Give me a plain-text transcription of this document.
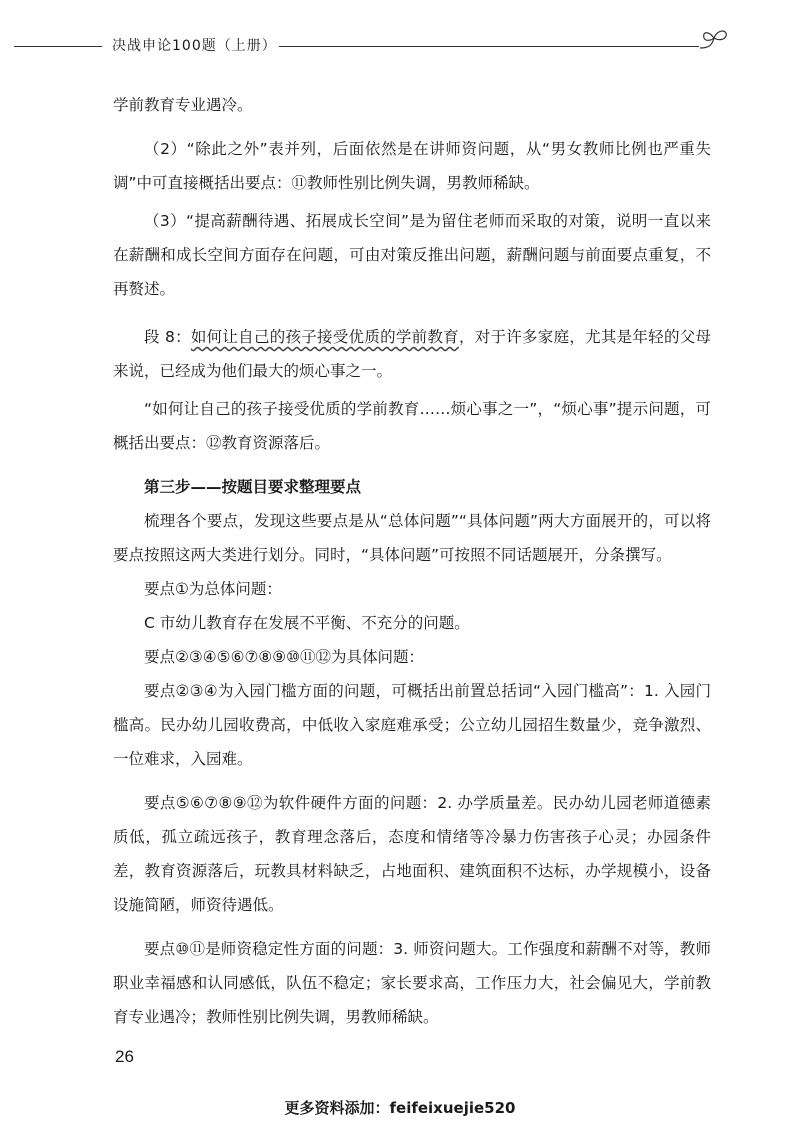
决战申论100题（上册）

学前教育专业遇冷。

（2）“除此之外”表并列，后面依然是在讲师资问题，从“男女教师比例也严重失调”中可直接概括出要点：⑪教师性别比例失调，男教师稀缺。

（3）“提高薪酬待遇、拓展成长空间”是为留住老师而采取的对策，说明一直以来在薪酬和成长空间方面存在问题，可由对策反推出问题，薪酬问题与前面要点重复，不再赘述。

段 8：如何让自己的孩子接受优质的学前教育，对于许多家庭，尤其是年轻的父母来说，已经成为他们最大的烦心事之一。

“如何让自己的孩子接受优质的学前教育……烦心事之一”，“烦心事”提示问题，可概括出要点：⑫教育资源落后。

第三步——按题目要求整理要点

梳理各个要点，发现这些要点是从“总体问题”“具体问题”两大方面展开的，可以将要点按照这两大类进行划分。同时，“具体问题”可按照不同话题展开，分条撰写。

要点①为总体问题：

C 市幼儿教育存在发展不平衡、不充分的问题。

要点②③④⑤⑥⑦⑧⑨⑩⑪⑫为具体问题：

要点②③④为入园门槛方面的问题，可概括出前置总括词“入园门槛高”：1. 入园门槛高。民办幼儿园收费高，中低收入家庭难承受；公立幼儿园招生数量少，竞争激烈、一位难求，入园难。

要点⑤⑥⑦⑧⑨⑫为软件硬件方面的问题：2. 办学质量差。民办幼儿园老师道德素质低，孤立疏远孩子，教育理念落后，态度和情绪等冷暴力伤害孩子心灵；办园条件差，教育资源落后，玩教具材料缺乏，占地面积、建筑面积不达标，办学规模小，设备设施简陋，师资待遇低。

要点⑩⑪是师资稳定性方面的问题：3. 师资问题大。工作强度和薪酬不对等，教师职业幸福感和认同感低，队伍不稳定；家长要求高，工作压力大，社会偏见大，学前教育专业遇冷；教师性别比例失调，男教师稀缺。

26
更多资料添加：feifeixuejie520
